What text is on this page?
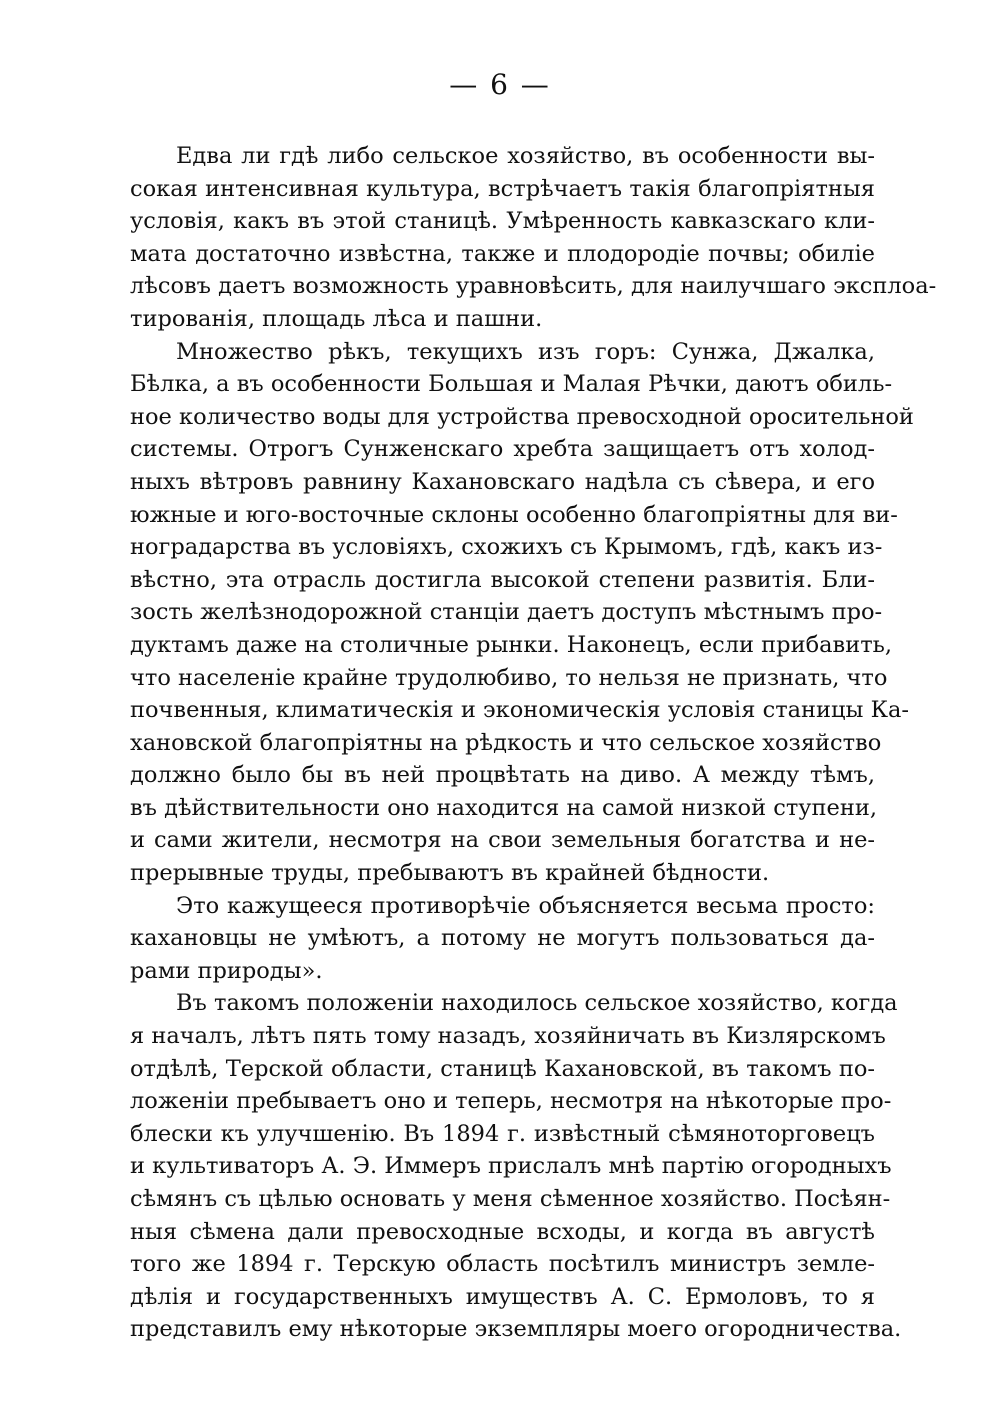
— 6 —
Едва ли гдѣ либо сельское хозяйство, въ особенности вы-
сокая интенсивная культура, встрѣчаетъ такія благопріятныя
условія, какъ въ этой станицѣ. Умѣренность кавказскаго кли-
мата достаточно извѣстна, также и плодородіе почвы; обиліе
лѣсовъ даетъ возможность уравновѣсить, для наилучшаго эксплоа-
тированія, площадь лѣса и пашни.
Множество рѣкъ, текущихъ изъ горъ: Сунжа, Джалка,
Бѣлка, а въ особенности Большая и Малая Рѣчки, даютъ обиль-
ное количество воды для устройства превосходной оросительной
системы. Отрогъ Сунженскаго хребта защищаетъ отъ холод-
ныхъ вѣтровъ равнину Кахановскаго надѣла съ сѣвера, и его
южные и юго-восточные склоны особенно благопріятны для ви-
ноградарства въ условіяхъ, схожихъ съ Крымомъ, гдѣ, какъ из-
вѣстно, эта отрасль достигла высокой степени развитія. Бли-
зость желѣзнодорожной станціи даетъ доступъ мѣстнымъ про-
дуктамъ даже на столичные рынки. Наконецъ, если прибавить,
что населеніе крайне трудолюбиво, то нельзя не признать, что
почвенныя, климатическія и экономическія условія станицы Ка-
хановской благопріятны на рѣдкость и что сельское хозяйство
должно было бы въ ней процвѣтать на диво. А между тѣмъ,
въ дѣйствительности оно находится на самой низкой ступени,
и сами жители, несмотря на свои земельныя богатства и не-
прерывные труды, пребываютъ въ крайней бѣдности.
Это кажущееся противорѣчіе объясняется весьма просто:
кахановцы не умѣютъ, а потому не могутъ пользоваться да-
рами природы».
Въ такомъ положеніи находилось сельское хозяйство, когда
я началъ, лѣтъ пять тому назадъ, хозяйничать въ Кизлярскомъ
отдѣлѣ, Терской области, станицѣ Кахановской, въ такомъ по-
ложеніи пребываетъ оно и теперь, несмотря на нѣкоторые про-
блески къ улучшенію. Въ 1894 г. извѣстный сѣмяноторговецъ
и культиваторъ А. Э. Иммеръ прислалъ мнѣ партію огородныхъ
сѣмянъ съ цѣлью основать у меня сѣменное хозяйство. Посѣян-
ныя сѣмена дали превосходные всходы, и когда въ августѣ
того же 1894 г. Терскую область посѣтилъ министръ земле-
дѣлія и государственныхъ имуществъ А. С. Ермоловъ, то я
представилъ ему нѣкоторые экземпляры моего огородничества.
